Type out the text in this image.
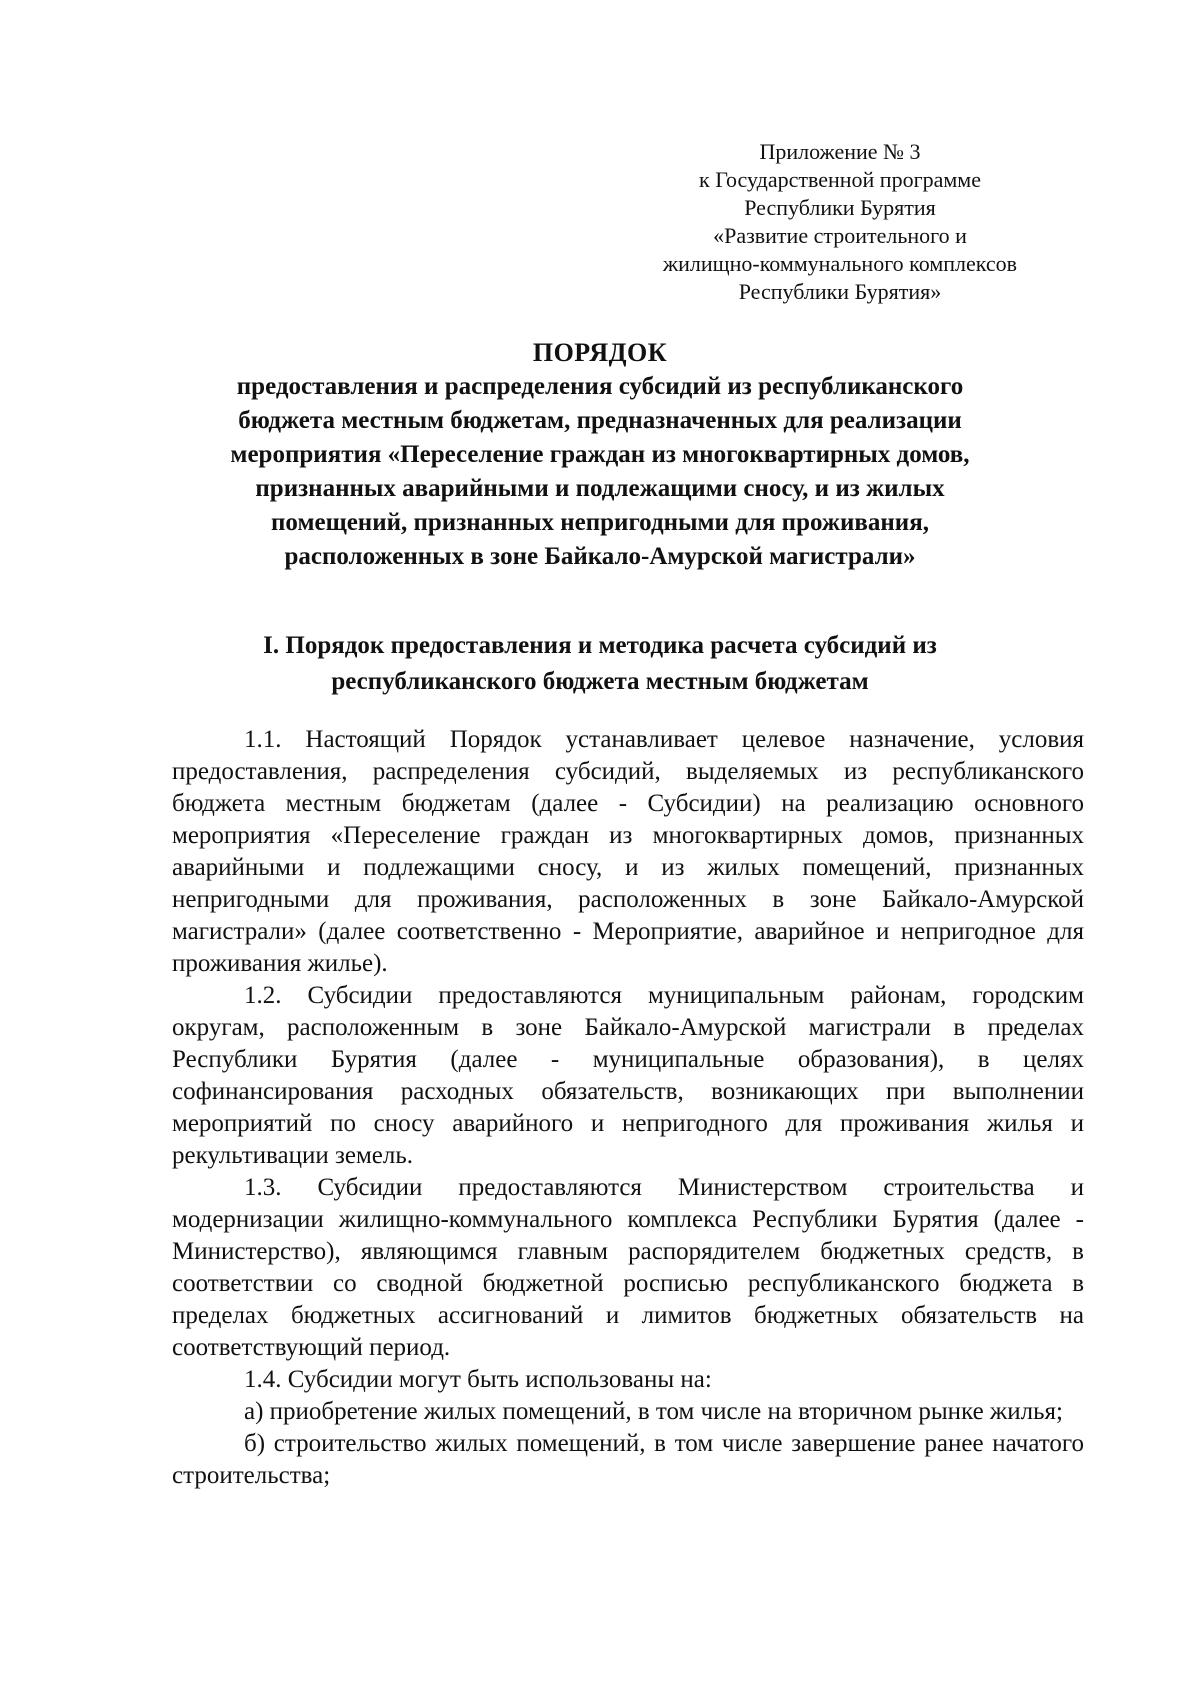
Приложение № 3
к Государственной программе
Республики Бурятия
«Развитие строительного и
жилищно-коммунального комплексов
Республики Бурятия»
ПОРЯДОК
предоставления и распределения субсидий из республиканского
бюджета местным бюджетам, предназначенных для реализации
мероприятия «Переселение граждан из многоквартирных домов,
признанных аварийными и подлежащими сносу, и из жилых
помещений, признанных непригодными для проживания,
расположенных в зоне Байкало-Амурской магистрали»
I. Порядок предоставления и методика расчета субсидий из
республиканского бюджета местным бюджетам

1.1. Настоящий Порядок устанавливает целевое назначение, условия предоставления, распределения субсидий, выделяемых из республиканского бюджета местным бюджетам (далее - Субсидии) на реализацию основного мероприятия «Переселение граждан из многоквартирных домов, признанных аварийными и подлежащими сносу, и из жилых помещений, признанных непригодными для проживания, расположенных в зоне Байкало-Амурской магистрали» (далее соответственно - Мероприятие, аварийное и непригодное для проживания жилье).

1.2. Субсидии предоставляются муниципальным районам, городским округам, расположенным в зоне Байкало-Амурской магистрали в пределах Республики Бурятия (далее - муниципальные образования), в целях софинансирования расходных обязательств, возникающих при выполнении мероприятий по сносу аварийного и непригодного для проживания жилья и рекультивации земель.

1.3. Субсидии предоставляются Министерством строительства и модернизации жилищно-коммунального комплекса Республики Бурятия (далее - Министерство), являющимся главным распорядителем бюджетных средств, в соответствии со сводной бюджетной росписью республиканского бюджета в пределах бюджетных ассигнований и лимитов бюджетных обязательств на соответствующий период.

1.4. Субсидии могут быть использованы на:

а) приобретение жилых помещений, в том числе на вторичном рынке жилья;

б) строительство жилых помещений, в том числе завершение ранее начатого строительства;
